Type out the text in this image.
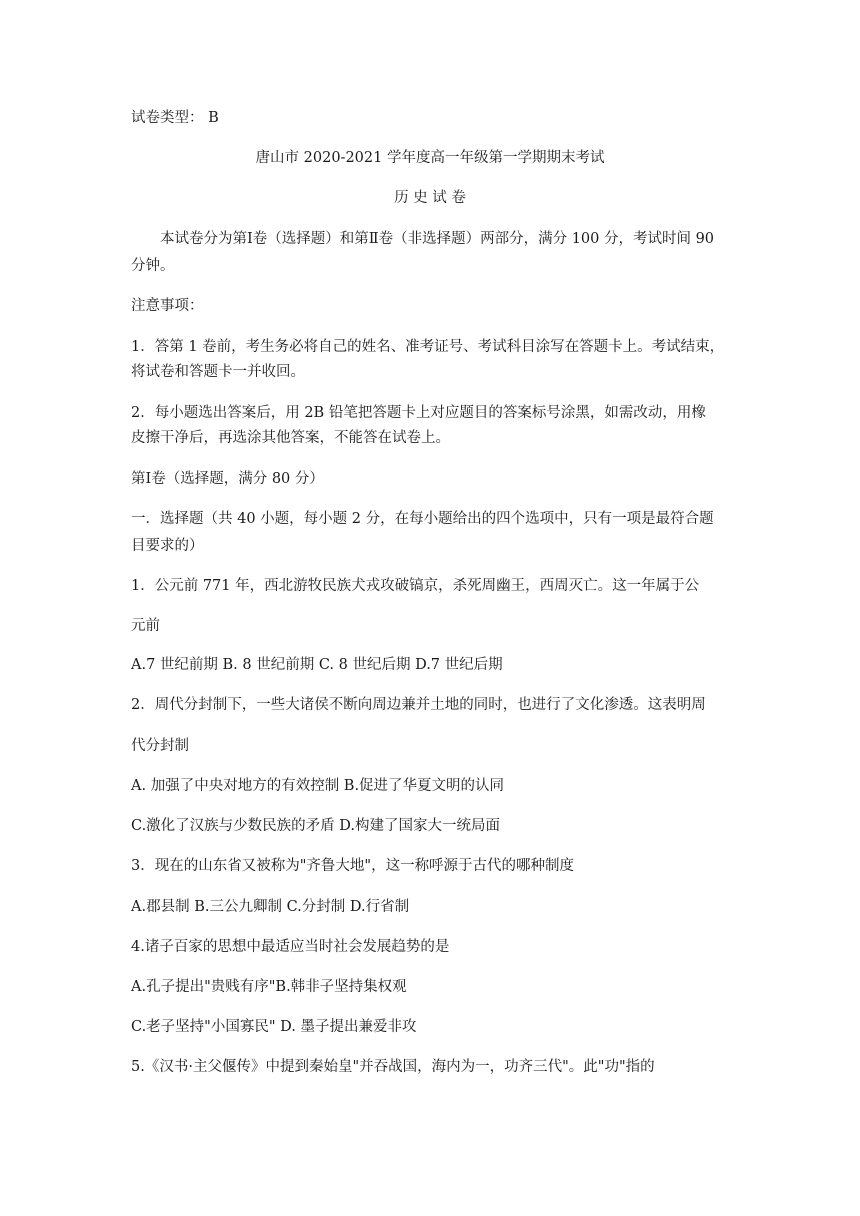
试卷类型： B
唐山市 2020-2021 学年度高一年级第一学期期末考试
历 史 试 卷
本试卷分为第Ⅰ卷（选择题）和第Ⅱ卷（非选择题）两部分，满分 100 分，考试时间 90
分钟。
注意事项：
1．答第 1 卷前，考生务必将自己的姓名、准考证号、考试科目涂写在答题卡上。考试结束，
将试卷和答题卡一并收回。
2．每小题选出答案后，用 2B 铅笔把答题卡上对应题目的答案标号涂黑，如需改动，用橡
皮擦干净后，再选涂其他答案，不能答在试卷上。
第Ⅰ卷（选择题，满分 80 分）
一．选择题（共 40 小题，每小题 2 分，在每小题给出的四个选项中，只有一项是最符合题
目要求的）
1．公元前 771 年，西北游牧民族犬戎攻破镐京，杀死周幽王，西周灭亡。这一年属于公
元前
A.7 世纪前期 B. 8 世纪前期 C. 8 世纪后期 D.7 世纪后期
2．周代分封制下，一些大诸侯不断向周边兼并土地的同时，也进行了文化渗透。这表明周
代分封制
A. 加强了中央对地方的有效控制 B.促进了华夏文明的认同
C.激化了汉族与少数民族的矛盾 D.构建了国家大一统局面
3．现在的山东省又被称为"齐鲁大地"，这一称呼源于古代的哪种制度
A.郡县制 B.三公九卿制 C.分封制 D.行省制
4.诸子百家的思想中最适应当时社会发展趋势的是
A.孔子提出"贵贱有序"B.韩非子坚持集权观
C.老子坚持"小国寡民" D. 墨子提出兼爱非攻
5.《汉书·主父偃传》中提到秦始皇"并吞战国，海内为一，功齐三代"。此"功"指的
